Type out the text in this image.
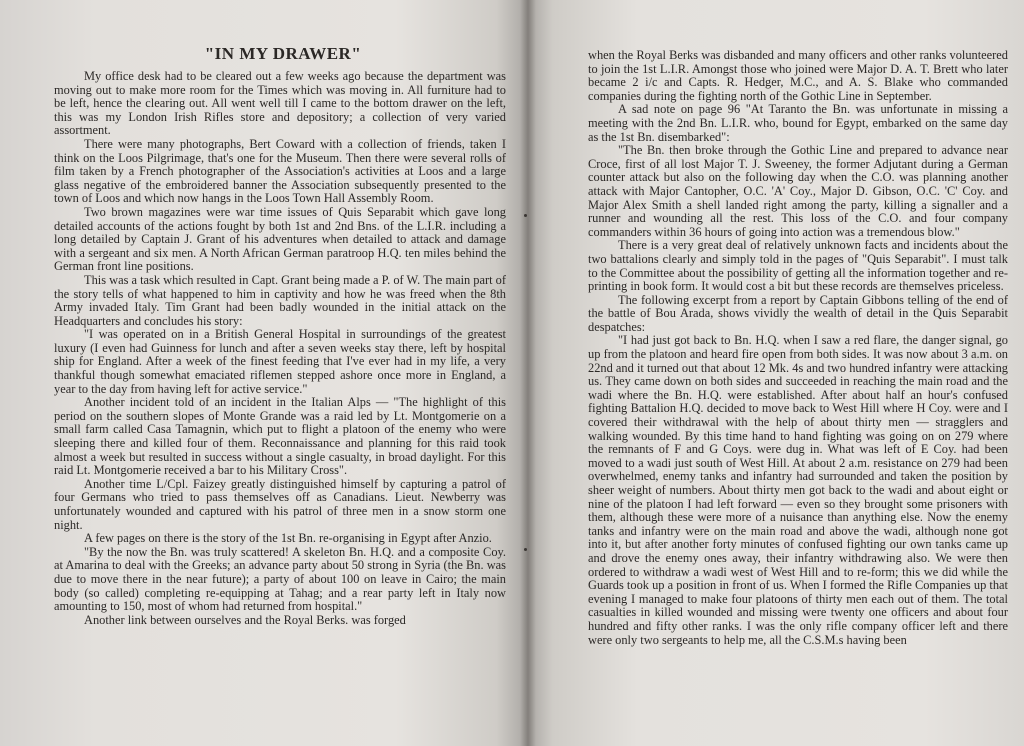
"IN MY DRAWER"

My office desk had to be cleared out a few weeks ago because the department was moving out to make more room for the Times which was moving in. All furniture had to be left, hence the clearing out. All went well till I came to the bottom drawer on the left, this was my London Irish Rifles store and depository; a collection of very varied assortment.

There were many photographs, Bert Coward with a collection of friends, taken I think on the Loos Pilgrimage, that's one for the Museum. Then there were several rolls of film taken by a French photographer of the Association's activities at Loos and a large glass negative of the embroidered banner the Association subsequently presented to the town of Loos and which now hangs in the Loos Town Hall Assembly Room.

Two brown magazines were war time issues of Quis Separabit which gave long detailed accounts of the actions fought by both 1st and 2nd Bns. of the L.I.R. including a long detailed by Captain J. Grant of his adventures when detailed to attack and damage with a sergeant and six men. A North African German paratroop H.Q. ten miles behind the German front line positions.

This was a task which resulted in Capt. Grant being made a P. of W. The main part of the story tells of what happened to him in captivity and how he was freed when the 8th Army invaded Italy. Tim Grant had been badly wounded in the initial attack on the Headquarters and concludes his story:

"I was operated on in a British General Hospital in surroundings of the greatest luxury (I even had Guinness for lunch and after a seven weeks stay there, left by hospital ship for England. After a week of the finest feeding that I've ever had in my life, a very thankful though somewhat emaciated riflemen stepped ashore once more in England, a year to the day from having left for active service."

Another incident told of an incident in the Italian Alps — "The highlight of this period on the southern slopes of Monte Grande was a raid led by Lt. Montgomerie on a small farm called Casa Tamagnin, which put to flight a platoon of the enemy who were sleeping there and killed four of them. Reconnaissance and planning for this raid took almost a week but resulted in success without a single casualty, in broad daylight. For this raid Lt. Montgomerie received a bar to his Military Cross".

Another time L/Cpl. Faizey greatly distinguished himself by capturing a patrol of four Germans who tried to pass themselves off as Canadians. Lieut. Newberry was unfortunately wounded and captured with his patrol of three men in a snow storm one night.

A few pages on there is the story of the 1st Bn. re-organising in Egypt after Anzio.

"By the now the Bn. was truly scattered! A skeleton Bn. H.Q. and a composite Coy. at Amarina to deal with the Greeks; an advance party about 50 strong in Syria (the Bn. was due to move there in the near future); a party of about 100 on leave in Cairo; the main body (so called) completing re-equipping at Tahag; and a rear party left in Italy now amounting to 150, most of whom had returned from hospital."

Another link between ourselves and the Royal Berks. was forged

when the Royal Berks was disbanded and many officers and other ranks volunteered to join the 1st L.I.R. Amongst those who joined were Major D. A. T. Brett who later became 2 i/c and Capts. R. Hedger, M.C., and A. S. Blake who commanded companies during the fighting north of the Gothic Line in September.

A sad note on page 96 "At Taranto the Bn. was unfortunate in missing a meeting with the 2nd Bn. L.I.R. who, bound for Egypt, embarked on the same day as the 1st Bn. disembarked":

"The Bn. then broke through the Gothic Line and prepared to advance near Croce, first of all lost Major T. J. Sweeney, the former Adjutant during a German counter attack but also on the following day when the C.O. was planning another attack with Major Cantopher, O.C. 'A' Coy., Major D. Gibson, O.C. 'C' Coy. and Major Alex Smith a shell landed right among the party, killing a signaller and a runner and wounding all the rest. This loss of the C.O. and four company commanders within 36 hours of going into action was a tremendous blow."

There is a very great deal of relatively unknown facts and incidents about the two battalions clearly and simply told in the pages of "Quis Separabit". I must talk to the Committee about the possibility of getting all the information together and re-printing in book form. It would cost a bit but these records are themselves priceless.

The following excerpt from a report by Captain Gibbons telling of the end of the battle of Bou Arada, shows vividly the wealth of detail in the Quis Separabit despatches:

"I had just got back to Bn. H.Q. when I saw a red flare, the danger signal, go up from the platoon and heard fire open from both sides. It was now about 3 a.m. on 22nd and it turned out that about 12 Mk. 4s and two hundred infantry were attacking us. They came down on both sides and succeeded in reaching the main road and the wadi where the Bn. H.Q. were established. After about half an hour's confused fighting Battalion H.Q. decided to move back to West Hill where H Coy. were and I covered their withdrawal with the help of about thirty men — stragglers and walking wounded. By this time hand to hand fighting was going on on 279 where the remnants of F and G Coys. were dug in. What was left of E Coy. had been moved to a wadi just south of West Hill. At about 2 a.m. resistance on 279 had been overwhelmed, enemy tanks and infantry had surrounded and taken the position by sheer weight of numbers. About thirty men got back to the wadi and about eight or nine of the platoon I had left forward — even so they brought some prisoners with them, although these were more of a nuisance than anything else. Now the enemy tanks and infantry were on the main road and above the wadi, although none got into it, but after another forty minutes of confused fighting our own tanks came up and drove the enemy ones away, their infantry withdrawing also. We were then ordered to withdraw a wadi west of West Hill and to re-form; this we did while the Guards took up a position in front of us. When I formed the Rifle Companies up that evening I managed to make four platoons of thirty men each out of them. The total casualties in killed wounded and missing were twenty one officers and about four hundred and fifty other ranks. I was the only rifle company officer left and there were only two sergeants to help me, all the C.S.M.s having been
